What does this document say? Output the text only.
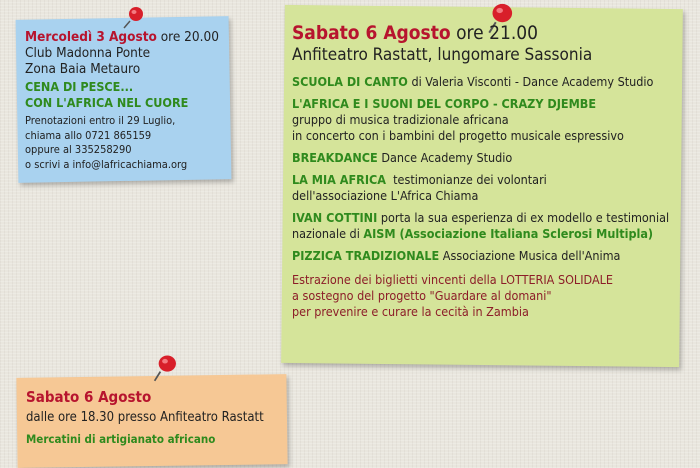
Mercoledì 3 Agosto ore 20.00
Club Madonna Ponte
Zona Baia Metauro
CENA DI PESCE...
CON L'AFRICA NEL CUORE
Prenotazioni entro il 29 Luglio,
chiama allo 0721 865159
oppure al 335258290
o scrivi a info@lafricachiama.org
Sabato 6 Agosto ore 21.00
Anfiteatro Rastatt, lungomare Sassonia
SCUOLA DI CANTO di Valeria Visconti - Dance Academy Studio
L'AFRICA E I SUONI DEL CORPO - CRAZY DJEMBE
gruppo di musica tradizionale africana
in concerto con i bambini del progetto musicale espressivo
BREAKDANCE Dance Academy Studio
LA MIA AFRICA testimonianze dei volontari
dell'associazione L'Africa Chiama
IVAN COTTINI porta la sua esperienza di ex modello e testimonial
nazionale di AISM (Associazione Italiana Sclerosi Multipla)
PIZZICA TRADIZIONALE Associazione Musica dell'Anima
Estrazione dei biglietti vincenti della LOTTERIA SOLIDALE
a sostegno del progetto "Guardare al domani"
per prevenire e curare la cecità in Zambia
Sabato 6 Agosto
dalle ore 18.30 presso Anfiteatro Rastatt
Mercatini di artigianato africano
